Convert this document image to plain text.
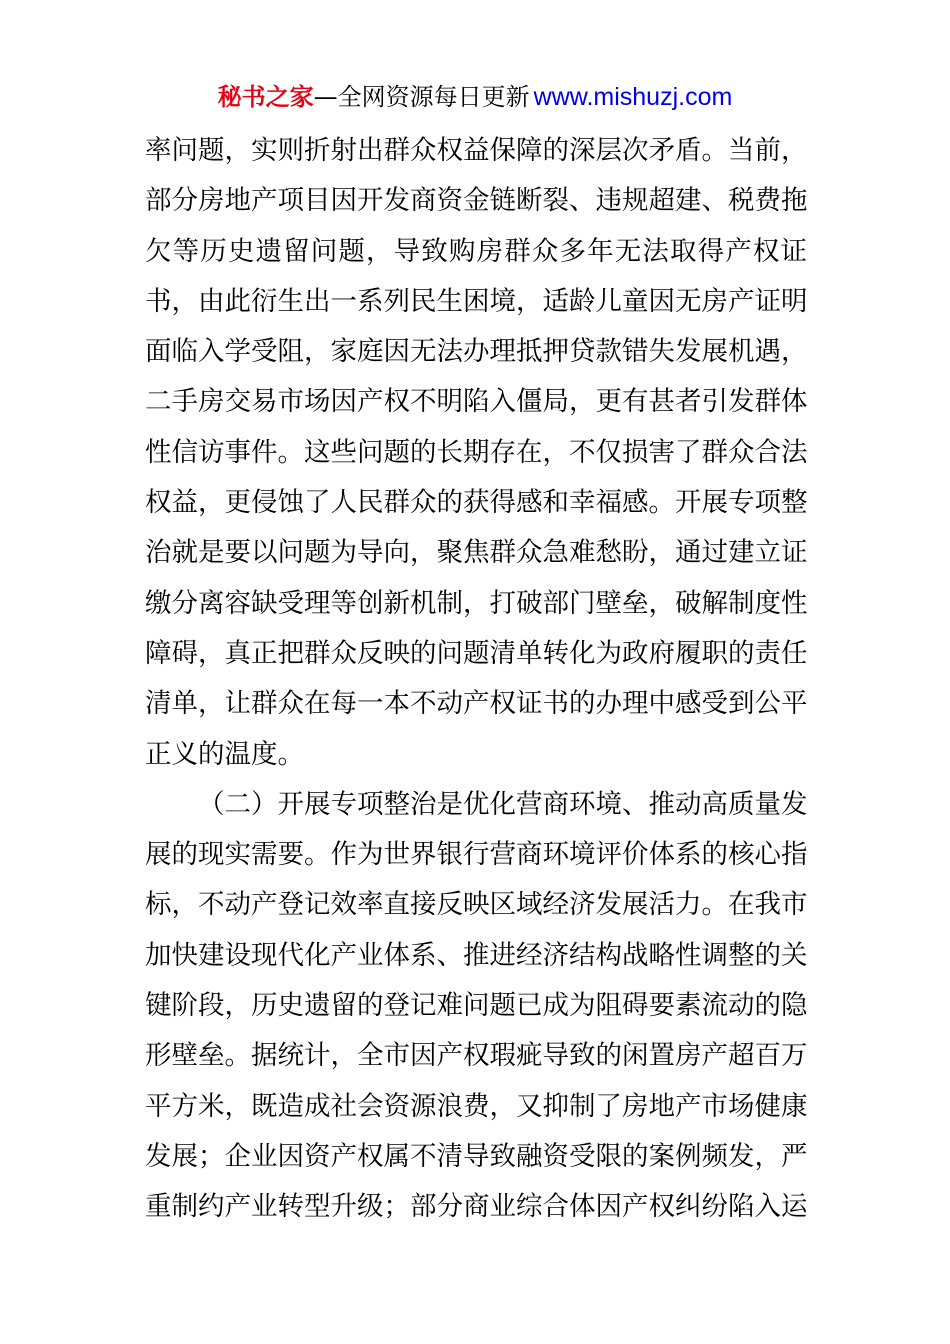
秘书之家—全网资源每日更新 www.mishuzj.com
率问题，实则折射出群众权益保障的深层次矛盾。当前，
部分房地产项目因开发商资金链断裂、违规超建、税费拖
欠等历史遗留问题，导致购房群众多年无法取得产权证
书，由此衍生出一系列民生困境，适龄儿童因无房产证明
面临入学受阻，家庭因无法办理抵押贷款错失发展机遇，
二手房交易市场因产权不明陷入僵局，更有甚者引发群体
性信访事件。这些问题的长期存在，不仅损害了群众合法
权益，更侵蚀了人民群众的获得感和幸福感。开展专项整
治就是要以问题为导向，聚焦群众急难愁盼，通过建立证
缴分离容缺受理等创新机制，打破部门壁垒，破解制度性
障碍，真正把群众反映的问题清单转化为政府履职的责任
清单，让群众在每一本不动产权证书的办理中感受到公平
正义的温度。
（二）开展专项整治是优化营商环境、推动高质量发
展的现实需要。作为世界银行营商环境评价体系的核心指
标，不动产登记效率直接反映区域经济发展活力。在我市
加快建设现代化产业体系、推进经济结构战略性调整的关
键阶段，历史遗留的登记难问题已成为阻碍要素流动的隐
形壁垒。据统计，全市因产权瑕疵导致的闲置房产超百万
平方米，既造成社会资源浪费，又抑制了房地产市场健康
发展；企业因资产权属不清导致融资受限的案例频发，严
重制约产业转型升级；部分商业综合体因产权纠纷陷入运
